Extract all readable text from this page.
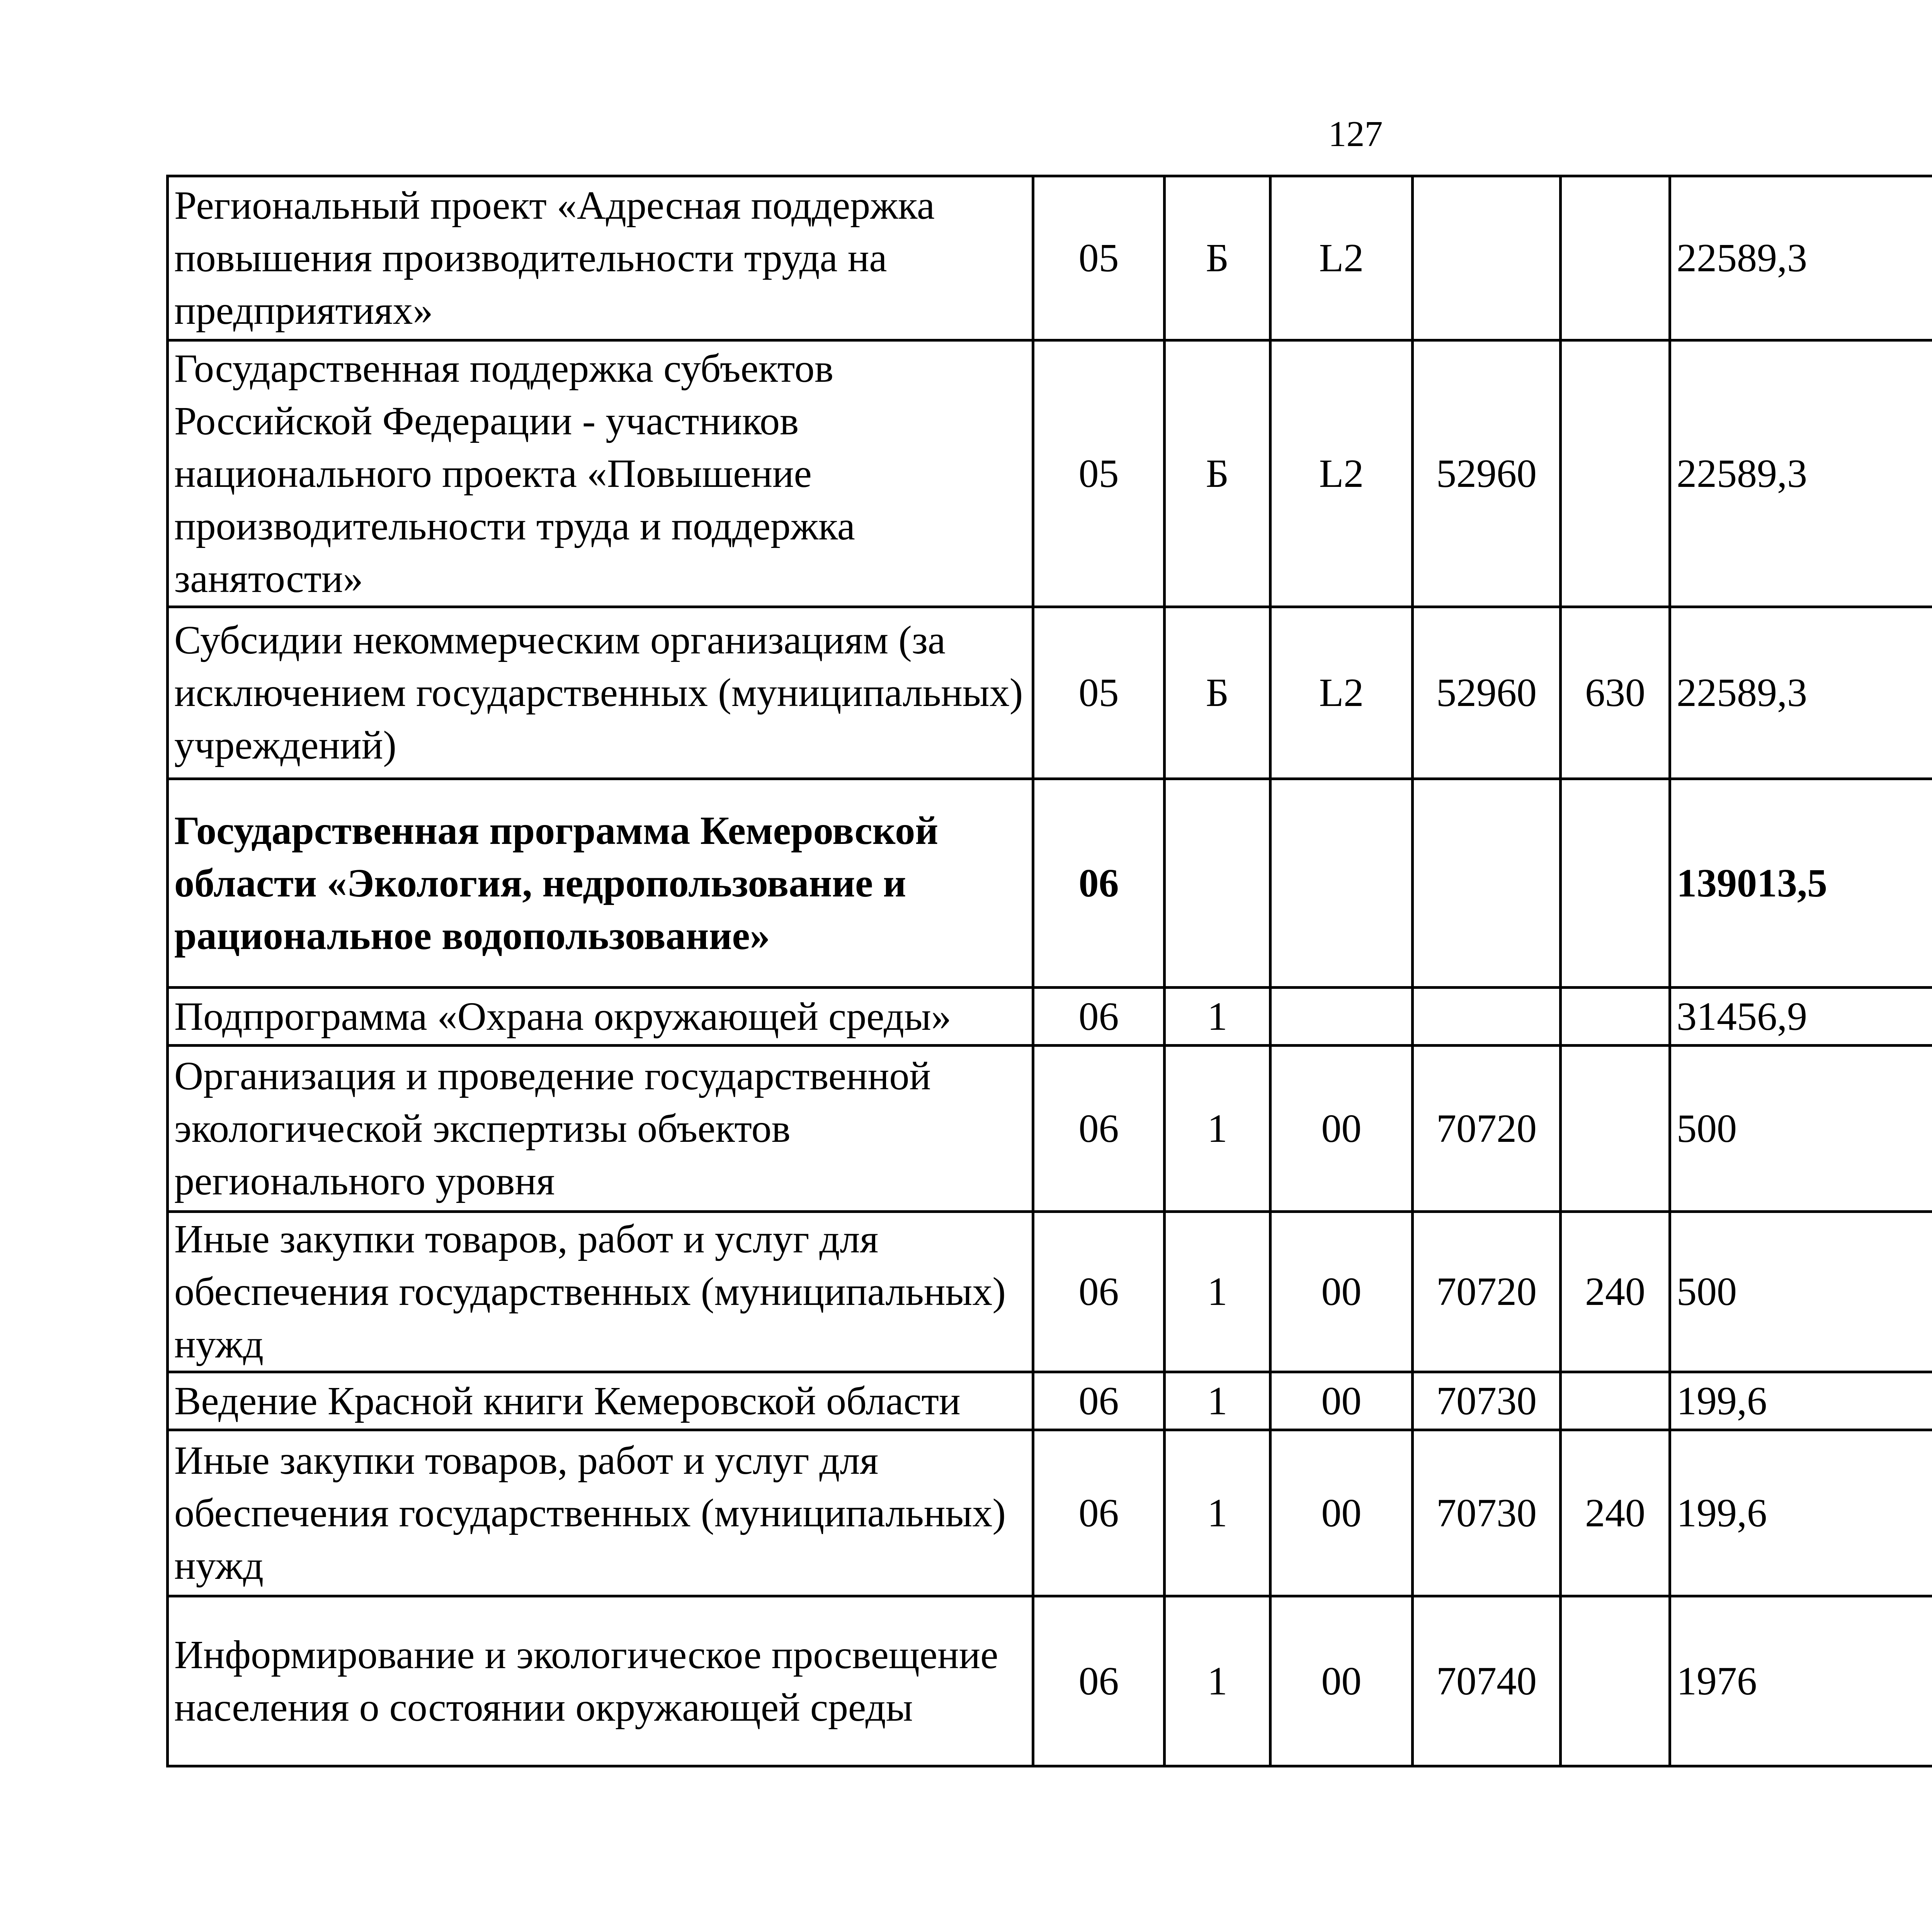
127
Региональный проект «Адресная поддержка повышения производительности труда на предприятиях»	05	Б	L2			22589,3		
Государственная поддержка субъектов Российской Федерации - участников национального проекта «Повышение производительности труда и поддержка занятости»	05	Б	L2	52960		22589,3		
Субсидии некоммерческим организациям (за исключением государственных (муниципальных) учреждений)	05	Б	L2	52960	630	22589,3		
Государственная программа Кемеровской области «Экология, недропользование и рациональное водопользование»	06					139013,5		
Подпрограмма «Охрана окружающей среды»	06	1				31456,9		
Организация и проведение государственной экологической экспертизы объектов регионального уровня	06	1	00	70720		500		
Иные закупки товаров, работ и услуг для обеспечения государственных (муниципальных) нужд	06	1	00	70720	240	500		
Ведение Красной книги Кемеровской области	06	1	00	70730		199,6		
Иные закупки товаров, работ и услуг для обеспечения государственных (муниципальных) нужд	06	1	00	70730	240	199,6		
Информирование и экологическое просвещение населения о состоянии окружающей среды	06	1	00	70740		1976		
